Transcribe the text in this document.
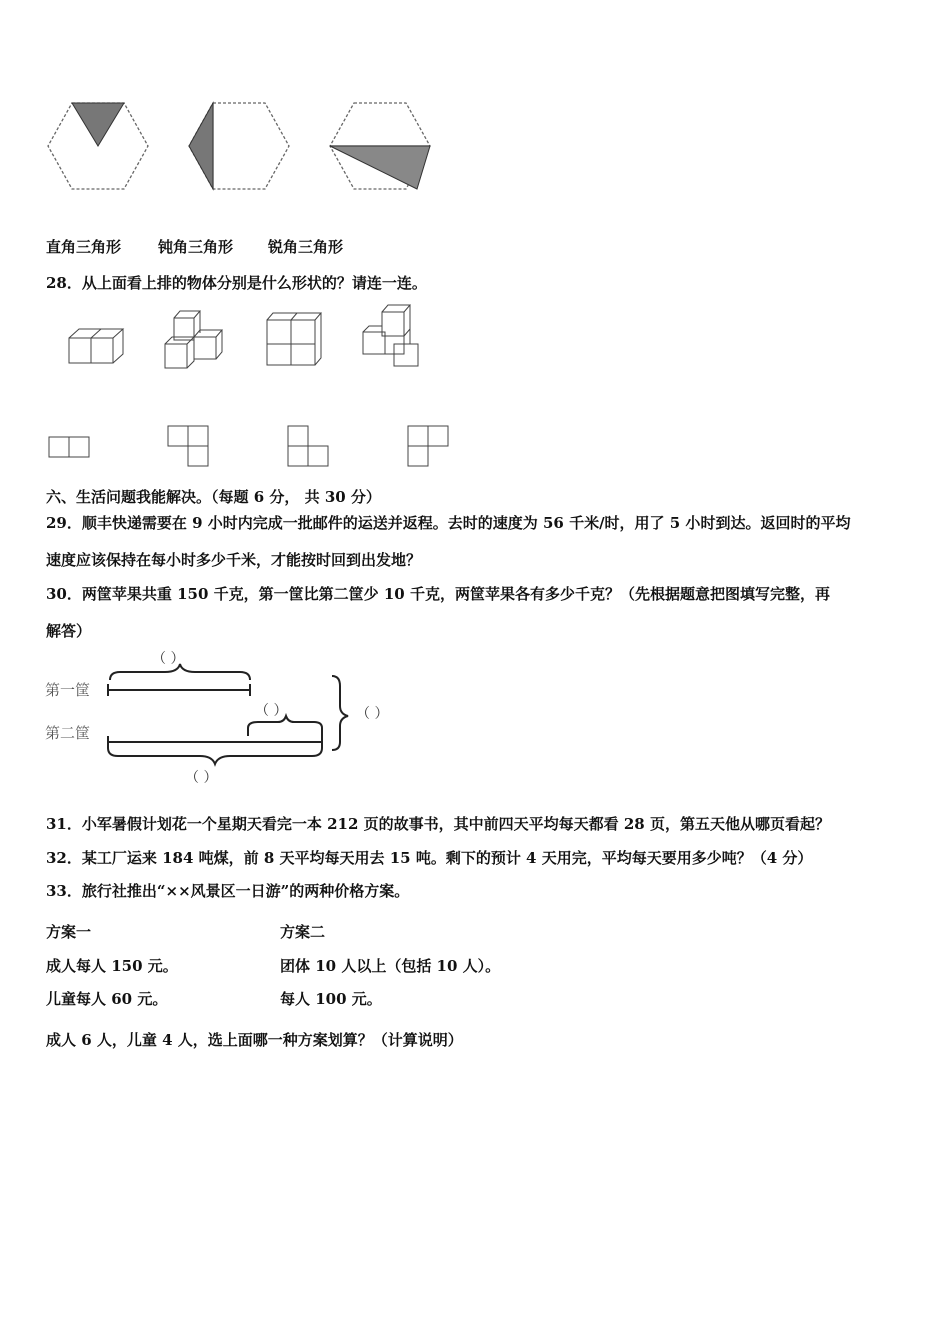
直角三角形 钝角三角形 锐角三角形
28．从上面看上排的物体分别是什么形状的？请连一连。
六、生活问题我能解决。（每题 6 分， 共 30 分）
29．顺丰快递需要在 9 小时内完成一批邮件的运送并返程。去时的速度为 56 千米/时，用了 5 小时到达。返回时的平均
速度应该保持在每小时多少千米，才能按时回到出发地？
30．两筐苹果共重 150 千克，第一筐比第二筐少 10 千克，两筐苹果各有多少千克？（先根据题意把图填写完整，再
解答）
第一筐
第二筐
（ ）
（ ）	（ ）
（ ）
31．小军暑假计划花一个星期天看完一本 212 页的故事书，其中前四天平均每天都看 28 页，第五天他从哪页看起？
32．某工厂运来 184 吨煤，前 8 天平均每天用去 15 吨。剩下的预计 4 天用完，平均每天要用多少吨？（4 分）
33．旅行社推出“××风景区一日游”的两种价格方案。
方案一	方案二
成人每人 150 元。	团体 10 人以上（包括 10 人）。
儿童每人 60 元。	每人 100 元。
成人 6 人，儿童 4 人，选上面哪一种方案划算？（计算说明）
